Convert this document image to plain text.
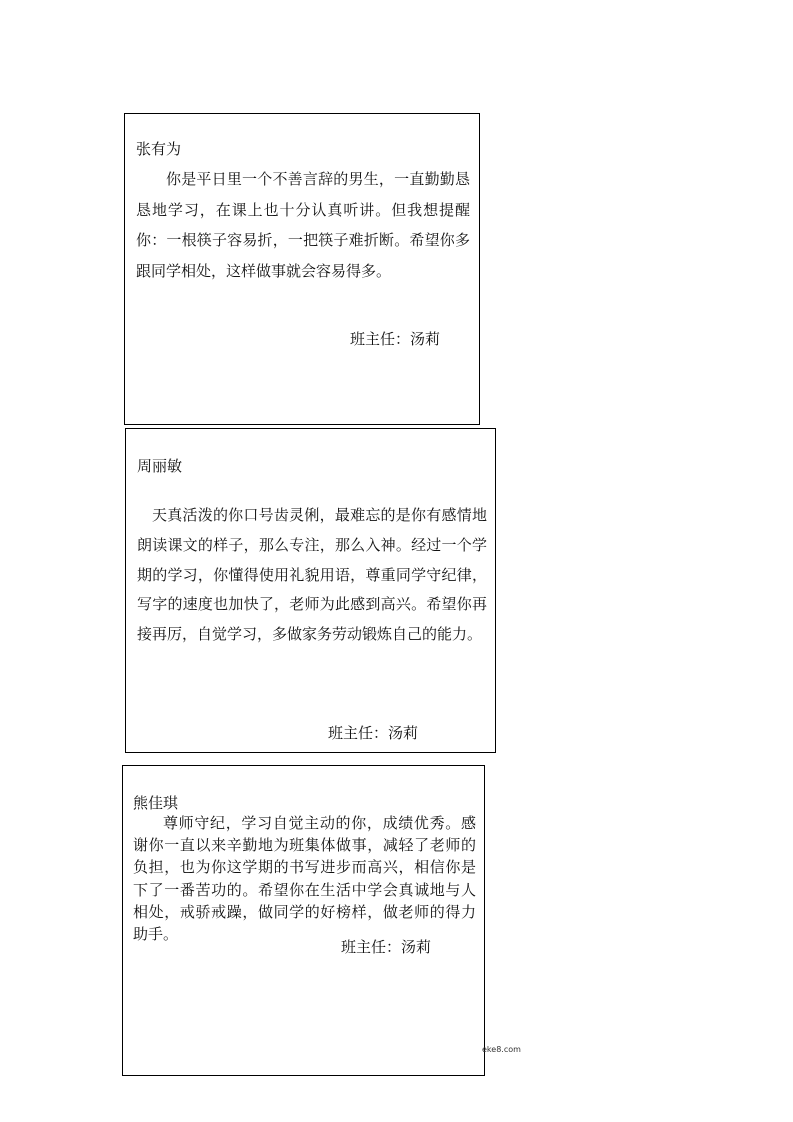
张有为

你是平日里一个不善言辞的男生，一直勤勤恳恳地学习，在课上也十分认真听讲。但我想提醒你：一根筷子容易折，一把筷子难折断。希望你多跟同学相处，这样做事就会容易得多。

班主任：汤莉
周丽敏

天真活泼的你口号齿灵俐，最难忘的是你有感情地朗读课文的样子，那么专注，那么入神。经过一个学期的学习，你懂得使用礼貌用语，尊重同学守纪律，写字的速度也加快了，老师为此感到高兴。希望你再接再厉，自觉学习，多做家务劳动锻炼自己的能力。

班主任：汤莉
熊佳琪

尊师守纪，学习自觉主动的你，成绩优秀。感谢你一直以来辛勤地为班集体做事，减轻了老师的负担，也为你这学期的书写进步而高兴，相信你是下了一番苦功的。希望你在生活中学会真诚地与人相处，戒骄戒躁，做同学的好榜样，做老师的得力助手。

班主任：汤莉
eke8.com
